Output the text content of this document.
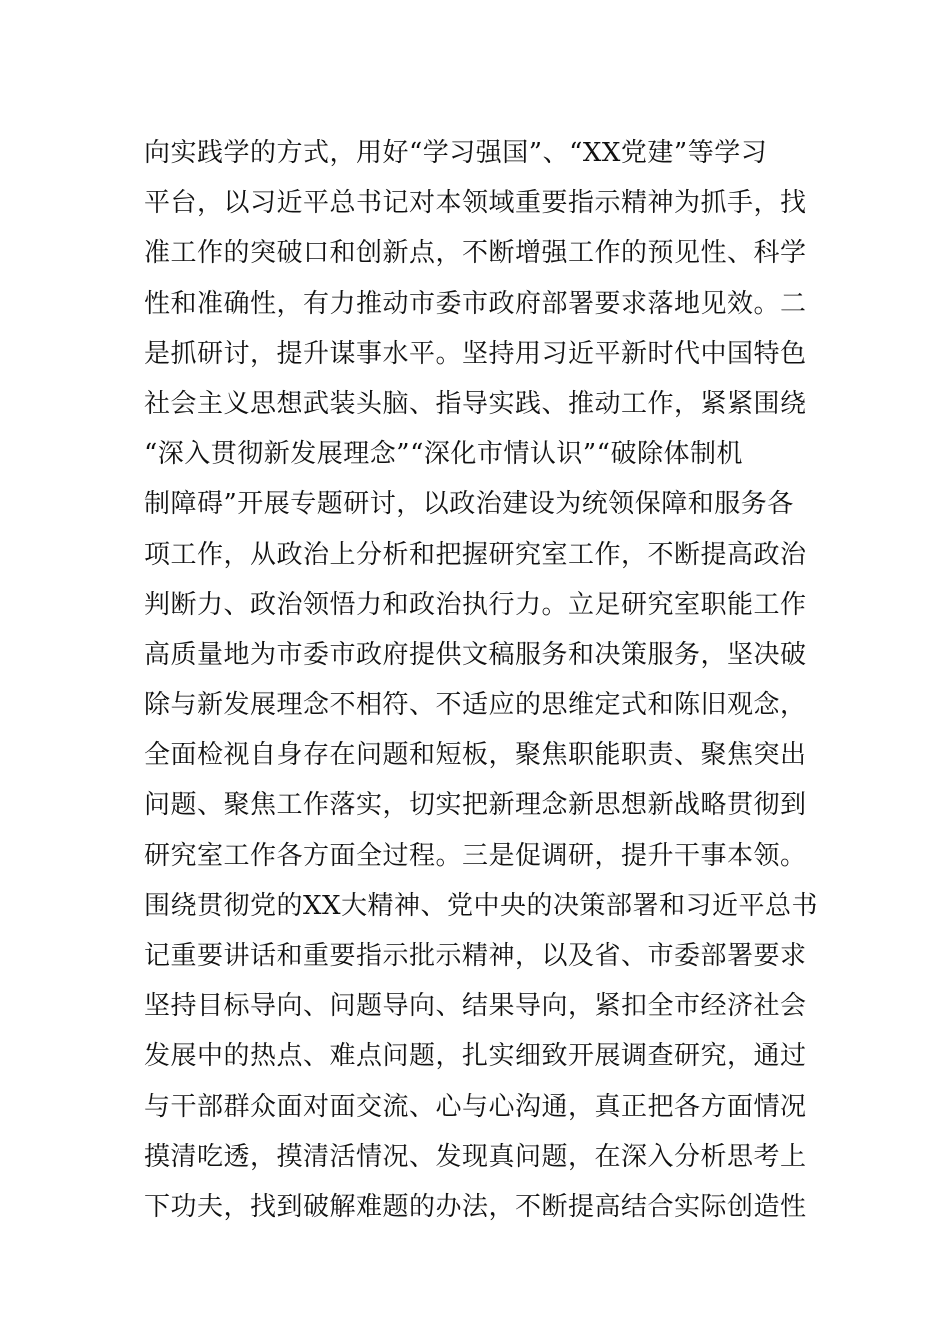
向实践学的方式，用好“学习强国”、“XX党建”等学习
平台，以习近平总书记对本领域重要指示精神为抓手，找
准工作的突破口和创新点，不断增强工作的预见性、科学
性和准确性，有力推动市委市政府部署要求落地见效。二
是抓研讨，提升谋事水平。坚持用习近平新时代中国特色
社会主义思想武装头脑、指导实践、推动工作，紧紧围绕
“深入贯彻新发展理念”“深化市情认识”“破除体制机
制障碍”开展专题研讨，以政治建设为统领保障和服务各
项工作，从政治上分析和把握研究室工作，不断提高政治
判断力、政治领悟力和政治执行力。立足研究室职能工作
高质量地为市委市政府提供文稿服务和决策服务，坚决破
除与新发展理念不相符、不适应的思维定式和陈旧观念，
全面检视自身存在问题和短板，聚焦职能职责、聚焦突出
问题、聚焦工作落实，切实把新理念新思想新战略贯彻到
研究室工作各方面全过程。三是促调研，提升干事本领。
围绕贯彻党的XX大精神、党中央的决策部署和习近平总书
记重要讲话和重要指示批示精神，以及省、市委部署要求
坚持目标导向、问题导向、结果导向，紧扣全市经济社会
发展中的热点、难点问题，扎实细致开展调查研究，通过
与干部群众面对面交流、心与心沟通，真正把各方面情况
摸清吃透，摸清活情况、发现真问题，在深入分析思考上
下功夫，找到破解难题的办法，不断提高结合实际创造性
